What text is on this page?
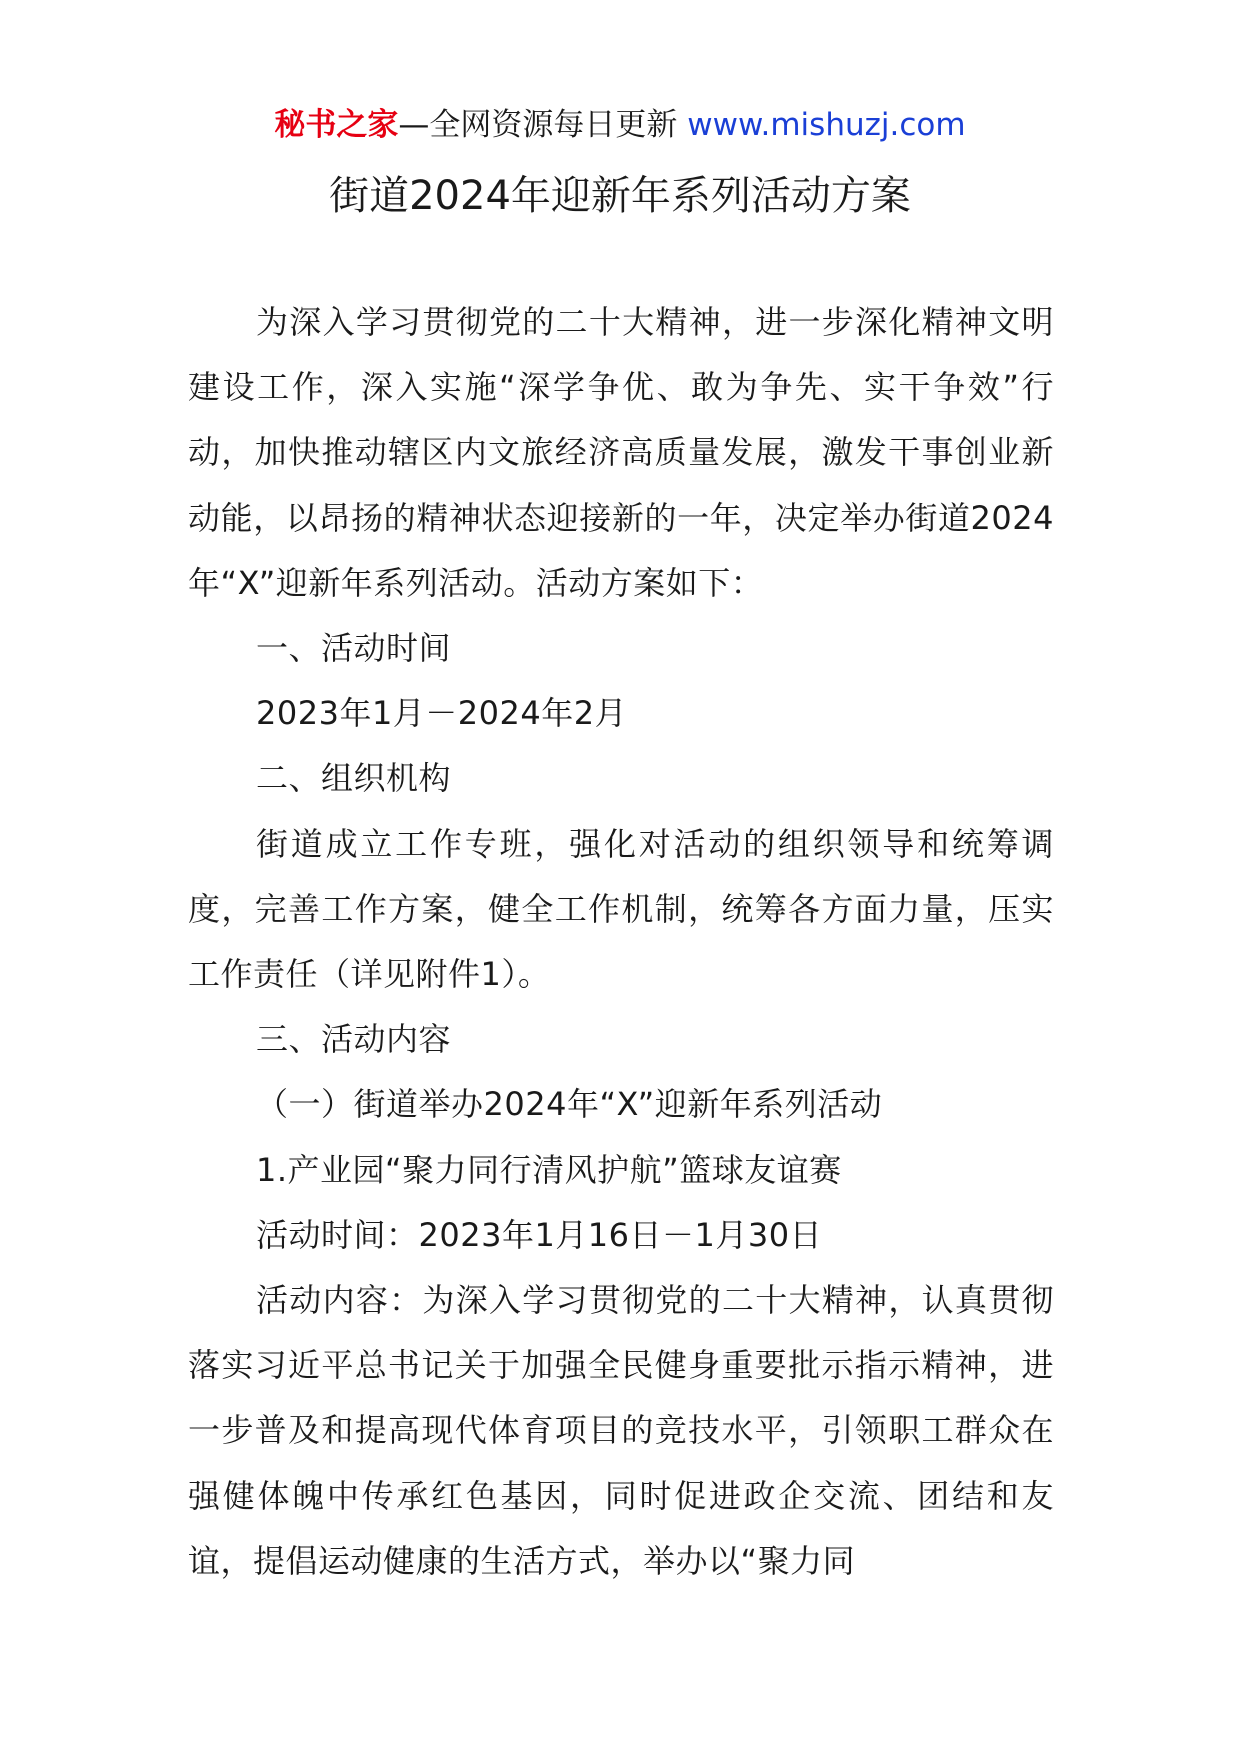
秘书之家—全网资源每日更新 www.mishuzj.com
街道2024年迎新年系列活动方案

为深入学习贯彻党的二十大精神，进一步深化精神文明建设工作，深入实施“深学争优、敢为争先、实干争效”行动，加快推动辖区内文旅经济高质量发展，激发干事创业新动能，以昂扬的精神状态迎接新的一年，决定举办街道2024年“X”迎新年系列活动。活动方案如下：

一、活动时间

2023年1月－2024年2月

二、组织机构

街道成立工作专班，强化对活动的组织领导和统筹调度，完善工作方案，健全工作机制，统筹各方面力量，压实工作责任（详见附件1）。

三、活动内容

（一）街道举办2024年“X”迎新年系列活动

1.产业园“聚力同行清风护航”篮球友谊赛

活动时间：2023年1月16日－1月30日

活动内容：为深入学习贯彻党的二十大精神，认真贯彻落实习近平总书记关于加强全民健身重要批示指示精神，进一步普及和提高现代体育项目的竞技水平，引领职工群众在强健体魄中传承红色基因，同时促进政企交流、团结和友谊，提倡运动健康的生活方式，举办以“聚力同
